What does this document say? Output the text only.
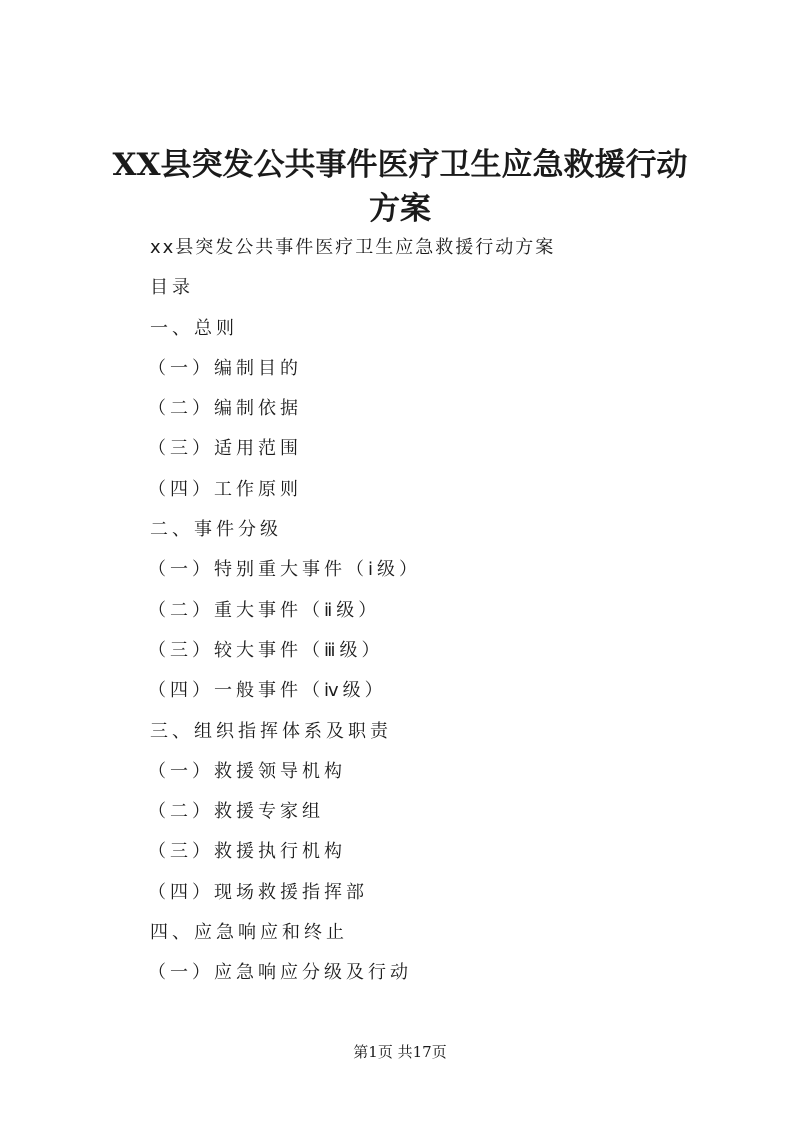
XX县突发公共事件医疗卫生应急救援行动方案
xx县突发公共事件医疗卫生应急救援行动方案
目录
一、总则
（一）编制目的
（二）编制依据
（三）适用范围
（四）工作原则
二、事件分级
（一）特别重大事件（ⅰ级）
（二）重大事件（ⅱ级）
（三）较大事件（ⅲ级）
（四）一般事件（ⅳ级）
三、组织指挥体系及职责
（一）救援领导机构
（二）救援专家组
（三）救援执行机构
（四）现场救援指挥部
四、应急响应和终止
（一）应急响应分级及行动
第1页 共17页
